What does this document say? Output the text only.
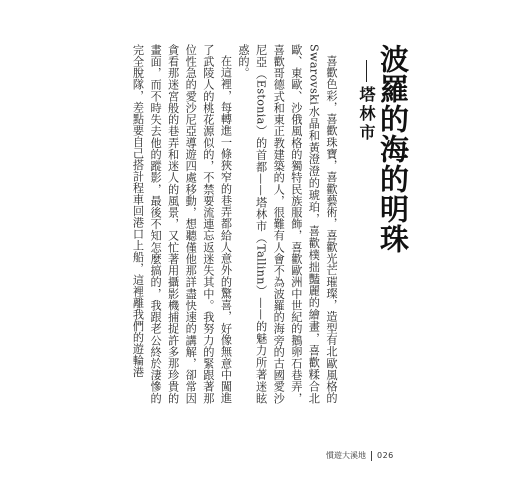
波羅的海的明珠
塔林市

喜歡色彩，喜歡珠寶，喜歡藝術，喜歡光芒璀璨，造型有北歐風格的Swarovski水晶和黃澄澄的琥珀，喜歡樸拙豔麗的繪畫，喜歡糅合北歐、東歐、沙俄風格的獨特民族服飾，喜歡歐洲中世紀的鵝卵石巷弄，喜歡哥德式和東正教建築的人，很難有人會不為波羅的海旁的古國愛沙尼亞（Estonia）的首都——塔林市（Tallinn）——的魅力所著迷眩惑的。

在這裡，每轉進一條狹窄的巷弄都給人意外的驚喜，好像無意中闖進了武陵人的桃花源似的，不禁要流連忘返迷失其中。我努力的緊跟著那位性急的愛沙尼亞導遊四處移動，想聽僅他那詳盡快速的講解，卻常因貪看那迷宮般的巷弄和迷人的風景，又忙著用攝影機捕捉許多那珍貴的畫面，而不時失去他的蹤影，最後不知怎麼搞的，我跟老公終於淒慘的完全脫隊，差點要自己搭計程車回港口上船，這裡離我們的遊輪港

慣遊大溪地 026
